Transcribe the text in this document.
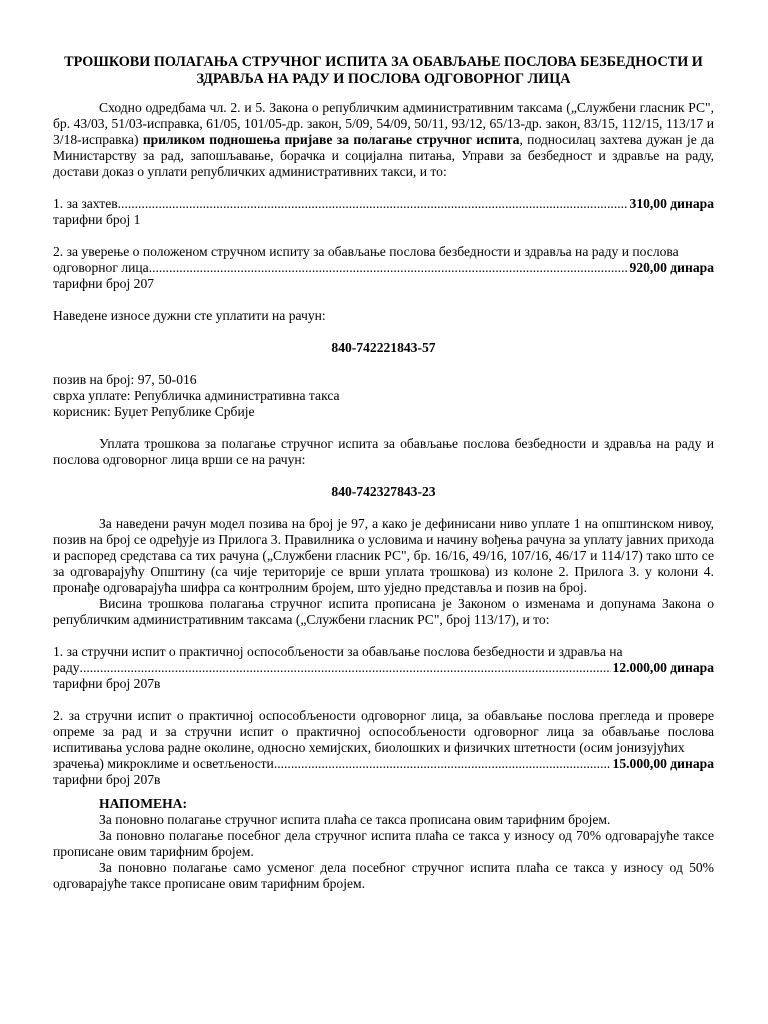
ТРОШКОВИ ПОЛАГАЊА СТРУЧНОГ ИСПИТА ЗА ОБАВЉАЊЕ ПОСЛОВА БЕЗБЕДНОСТИ И
ЗДРАВЉА НА РАДУ И ПОСЛОВА ОДГОВОРНОГ ЛИЦА

Сходно одредбама чл. 2. и 5. Закона о републичким административним таксама („Службени гласник РС", бр. 43/03, 51/03-исправка, 61/05, 101/05-др. закон, 5/09, 54/09, 50/11, 93/12, 65/13-др. закон, 83/15, 112/15, 113/17 и 3/18-исправка) приликом подношења пријаве за полагање стручног испита, подносилац захтева дужан је да Министарству за рад, запошљавање, борачка и социјална питања, Управи за безбедност и здравље на раду, достави доказ о уплати републичких административних такси, и то:

1. за захтев .....	310,00 динара
тарифни број 1

2. за уверење о положеном стручном испиту за обављање послова безбедности и здравља на раду и послова

одговорног лица .....	920,00 динара
тарифни број 207

Наведене износе дужни сте уплатити на рачун:

840-742221843-57
позив на број: 97, 50-016
сврха уплате: Републичка административна такса
корисник: Буџет Републике Србије

Уплата трошкова за полагање стручног испита за обављање послова безбедности и здравља на раду и послова одговорног лица врши се на рачун:

840-742327843-23

За наведени рачун модел позива на број је 97, а како је дефинисани ниво уплате 1 на општинском нивоу, позив на број се одређује из Прилога 3. Правилника о условима и начину вођења рачуна за уплату јавних прихода и распоред средстава са тих рачуна („Службени гласник РС", бр. 16/16, 49/16, 107/16, 46/17 и 114/17) тако што се за одговарајућу Општину (са чије територије се врши уплата трошкова) из колоне 2. Прилога 3. у колони 4. пронађе одговарајућа шифра са контролним бројем, што уједно представља и позив на број.

Висина трошкова полагања стручног испита прописана је Законом о изменама и допунама Закона о републичким административним таксама („Службени гласник РС", број 113/17), и то:

1. за стручни испит о практичној оспособљености за обављање послова безбедности и здравља на

раду .....	12.000,00 динара
тарифни број 207в

2. за стручни испит о практичној оспособљености одговорног лица, за обављање послова прегледа и провере опреме за рад и за стручни испит о практичној оспособљености одговорног лица за обављање послова испитивања услова радне околине, односно хемијских, биолошких и физичких штетности (осим јонизујућих

зрачења) микроклиме и осветљености .....	15.000,00 динара
тарифни број 207в
НАПОМЕНА:

За поновно полагање стручног испита плаћа се такса прописана овим тарифним бројем.

За поновно полагање посебног дела стручног испита плаћа се такса у износу од 70% одговарајуће таксе прописане овим тарифним бројем.

За поновно полагање само усменог дела посебног стручног испита плаћа се такса у износу од 50% одговарајуће таксе прописане овим тарифним бројем.
